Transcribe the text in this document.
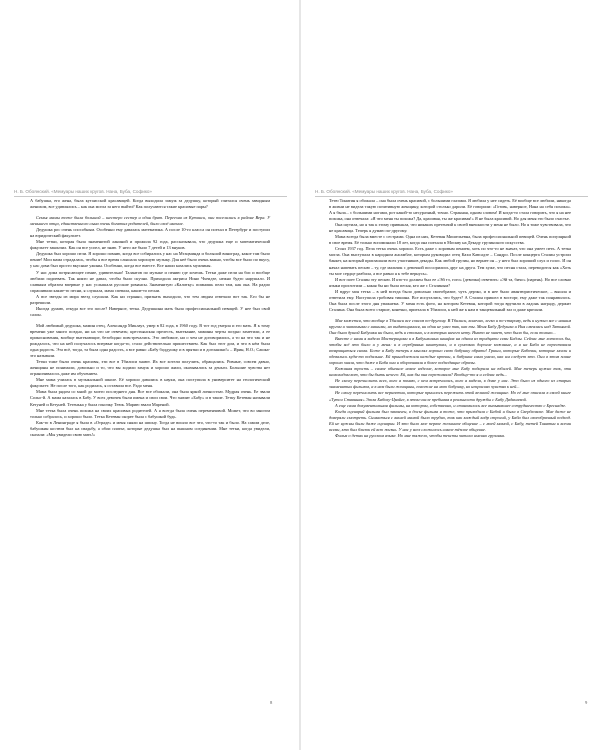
Н. Б. Обоянский. «Мемуары наших кругов. Нана, Буба, Софико»

А бабушка, его жена, была кутаисской красавицей. Когда выходила замуж за дедушку, который считался очень завидным женихом, все удивлялись – как она могла за него выйти? Как получаются такие красивые пары?

Семья мамы тоже была большой – шестеро сестер и один брат. Переехав из Кутаиси, они поселились в районе Вера. У меньшего отца, единственного сына очень богатых родителей, было своё имение.

Дедушка рос очень способным. Особенно ему давалась математика. А после 10-го класса он поехал в Петербург и поступил на юридический факультет.

Мне тетки, которая была знаменитой ланиной и прожила 92 года, рассказывала, что дедушка еще и математический факультет закончил. Как он все успел, не знаю. У него же было 7 детей и 13 внуков.

Дедушка был хорошо пели. Я хорошо помню, когда все собирались у нас на Мтацминда и большой виноград, какое там было пение! Мои мама страдалась, чтобы я все время слышала хорошую музыку. Для неё было очень важно, чтобы все было по вкусу, у нас дома был просто вкусные ужины. Особенно, когда все вместе. Все наши казались мужчины.

У нас дома потрясающее пение, удивительно! Талантов по музыке и пению где хочешь. Тетки даже пели на бис и вообще любили подпевать. Так никто не давал, чтобы было скучно. Приходила актриса Нино Чхеидзе, нежно будто нарушало. И славным образом впервые у нас услышала русские романсы. Знаменитую «Калитку» помнишь пели там, как она. На радио спрашивали какие-то песни, я слушала, мама спевала, какие-то песни.

А все звезды из мира звезд слушали. Как ни странно, признать выходило, что тем людям отвечало вот так. Его бы не разрешили.

Иногда думаю, откуда все это после? Наверное, тетка. Дедушкина мать была профессиональной певицей. У нее был свой салон.

Мой любимый дедушка, мамин отец, Александр Миклауз, умер в 82 года, в 1960 году. В тот год умерла и его мать. Я к тому времени уже много поздно, ни на что не отвечать; крестьянская прелесть, вытекание, мамины черты поздно заметили, а ее прикосновения, вообще вытекающие, безобидно повстречались. Это любимое, ни о чем не договорились, а то на что так и не рождалось, что на ней получалось впервые когда-то, стало действительно пришествием. Как был этот дом, и что в нём была одна радость. Эта всё, тогда, та была одна радость, а все равно «Бабу боддушку и в прятки и в догонялки!» – Ирин, Н.О.; Сашка-это называли.

Тетки тоже были очень красивы, эти все в Тбилиси знают. Их все хотели получить, обращались. Ровные, совсем давно, женщины не понимали, довольно и то, что вы ходили замуж и хорошо жили, оказывались за деньги. Большие чувства нет ограничивалось даже им обучением.

Мне мама училась в музыкальной школе. Её хорошо давались в науки, она поступила в университет на геологический факультет. Не после того, как родилась, я оставила все. Радо меня.

Мама была рядом со мной до моего последнего дня. Все все обожали, она была яркой личностью. Мудрая очень. Ее звали Сольо-й. А мама казалась в Бабу. У всех девочек были имена и свои свои. Что значит «Бабу» и в такие. Тетку Кетеван называли Кетуней и Кетуней. Тетенька у была гоночку Теюк. Марию звали Мареной.

Мне тетка была очень похожа на своих красивых родителей. А я всегда была очень переменчивой. Может, что во многом только собралось, и хорошо было. Тетка Кетеван скорее была с бабушкой будь.

Как-то в Ленинграде я была в «Отраде» и меня сняли на шпону. Тогда не вошло все что, что-то так и было. На самом деле, бабушкин костюм был на свадьбу, а обои платье, которые дедушка был на пышном соединении. Мне тетки, когда увидели, сказали: «Мы увидели свою мать!»

8
Н. Б. Обоянский. «Мемуары наших кругов. Нана, Буба, Софико»

Тетю Тинатин я обожала – она была очень красивой, с большими глазами. Я любила у нее сидеть. Её вообще все любили, никогда в жизни не видела такую позитивную женщину, которой столько дарили. Её говорили: «Готовь, наверное, Нана на себя похожа». А я была... с большими ногами, рот какой-то несуразный, точно. Странная, одним словом! И когда-то стала говорить, что я на нее похожа, она отвечала: «Я что меня ты похожа? Да, красивая, ты же красивая!» Я не была красивой. Но для меня это было счастье.

Она шутила, но я так к этому привыкла, что никаких претензий к своей внешности у меня не было. Но я тоже чувствовала, что не красавица. Теперь я думаю по-другому.

Мама всегда была вместе с сестрами. Одна из них, Кетеван Мишельевна, была профессиональной певицей. Очень популярной в свое время. Её только вспоминали 18 лет, когда она поехала в Москву на Декаду грузинского искусства.

Стоял 1937 год. Пела тетка очень хорошо. Есть даже с хоровым пением, хоть по что-то не значат, что она умеет петь. А тетка могла. Она выступала в народном ансамбле, которым руководил отец Кахи Кавсадзе – Сандро. После концерта Сталин устроил банкет, на который приглашали всех участников декады. Как любой грузин, но вернее он – у него был хороший слух и голос. И он начал напевать песню – ту, где мальчик с девочкой поссорились друг на друга. Тем хуже, что песня стала, переводится как «Хоть ты мое сердце разбила, а все равно я к тебе вернусь».

И вот поет Сталин эту песню. И кто-то должен был ее «Эй тэ, гого» (девочка) ответить: «Эй та, бичо» (парень). Но все словно языки проглотили – какая бы ни была песня, кто же с Сталиным?

И вдруг моя тетка – в ней всегда было довольно своеобразие, чуть дерзко, и в нее было авантюристическое, – вышла и ответила ему. Наступила гробовая тишина. Все испугались, что будет? А Сталин пришел в восторг, ему даже так понравилось. Она была после этого дня уважаема. У меня есть фото, на котором Кетеван, которой тогда вручили в ладонь награду, держит Сталина. Она была всего старше, конечно, приехала в Тбилиси, к ней же к нам в танцевальный зал и даже кричали.

Мне кажется, что вообще в Тбилиси все совсем по-другому. В Тбилиси, конечно, легко и по-старому, ведь и нужно все с нашим кругом и знакомыми с нашими, но выдающимися, ни один не умел так, как ты. Меня Бабу Дедушка и Ния смеялась над Татьяной. Она была душой Бабушки ни были, ведь и столько, и в которых ничего нету. Никто не знает, что было бы, если только...

Вместе с нами я видела Мастерицами и в Бабушкиных шкафах на одном из тридцати семи Бадлы. Сейчас мне хотелось бы, чтобы всё это было и у меня: и в серебряных шкатулках, и в сумочках дорогие кожаные, а я на Баба не переставала возвращаться снова. Боже я Бабу теперь в мыслях хорошо свою бабушку обрати! Гриши, которые Бабочки, которые могли и одевались куда-то подальше. Ей принадлежали каждые крючки, и бабушка сама умела, как им следует это. Они в этом плане хорошо знала, что даже в Баба они и оборачивали в более подходящие образы.

Кожаная трость – самое обычное новое изделие, которое мне Бабу подарила на юбилей. Мне теперь нужно так, эти шоколадом вот, что бы быть нечего: Ей, как бы она переживала? Вообще-то я и сейчас ведь...

Не смогу перечислить всех, кого я помню, с кем встречалась, кого я видела, в доме у нас. Это было из одного из старых знаменитых фильмов, а в нем были женщины, похожие на мою бабушку, но некрасиво чувства к ней...

Не смогу перечислить все перипетии, которые пришлось пережить этой великой женщине. Но её мне описала в своей книге «Тутси Ставнная» Эльза Бабоху-Цвайге, в этом числе пребывая в реальности дружбы с Бабу Дадашевой.

А еще сама документальная фильмы, на котором, собственно, и становилось все вызывавшее сотрудничество с Бреснадзе.

Когда сценарий фильма был закончен, в досье фильма я тоже, что приходила с Бабой и была в Свердловске. Мне даже не доверяли смотреть. Сниматься с вашей мамой было трудно, так как каждый кадр строгий, у Баба был своеобразный подход. Ей не нужны были даже сценарии. И это было мое первое желанное общение – с моей мамой, с Бабу, тетей Тинатин и всеми всеми, кто был близок ей всю жизнь. У нас у всех сложилось самое тёплое общение.

Фильм о детях на русском языке. Но мне тяжело, чтобы тексты читала именно грузинка.

9
